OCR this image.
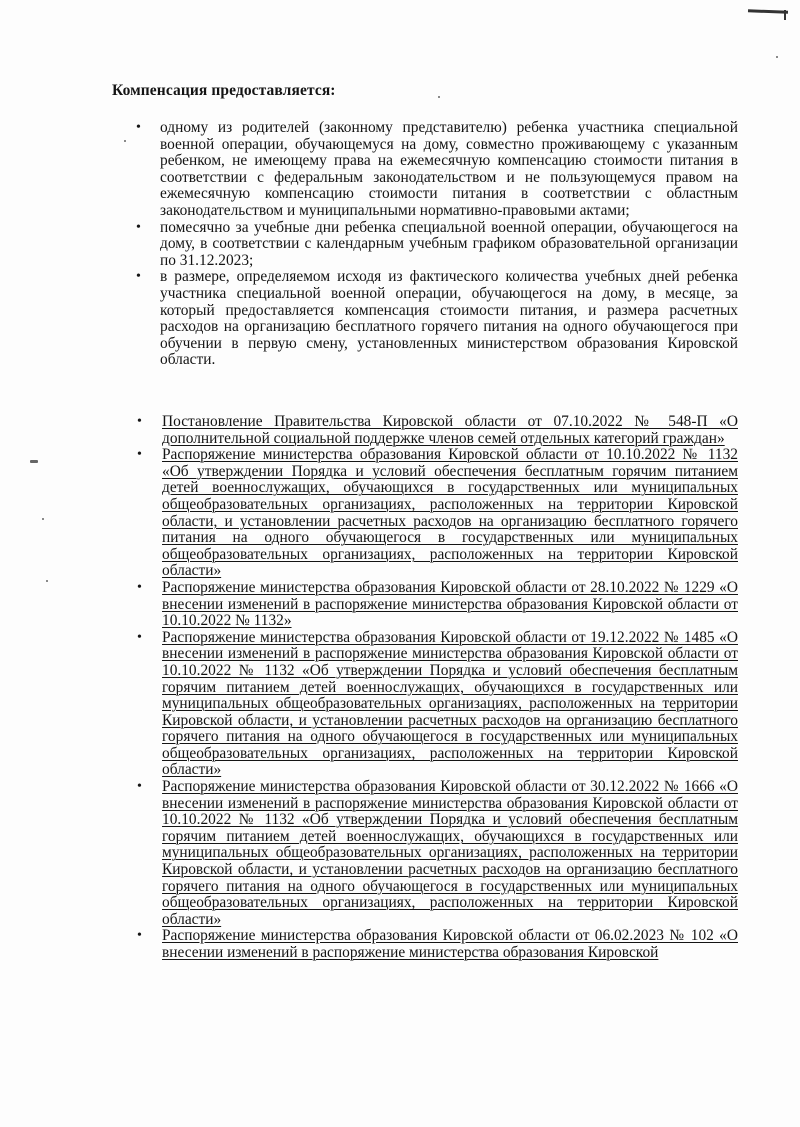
Компенсация предоставляется:
• одному из родителей (законному представителю) ребенка участника специальной военной операции, обучающемуся на дому, совместно проживающему с указанным ребенком, не имеющему права на ежемесячную компенсацию стоимости питания в соответствии с федеральным законодательством и не пользующемуся правом на ежемесячную компенсацию стоимости питания в соответствии с областным законодательством и муниципальными нормативно-правовыми актами;
• помесячно за учебные дни ребенка специальной военной операции, обучающегося на дому, в соответствии с календарным учебным графиком образовательной организации по 31.12.2023;
• в размере, определяемом исходя из фактического количества учебных дней ребенка участника специальной военной операции, обучающегося на дому, в месяце, за который предоставляется компенсация стоимости питания, и размера расчетных расходов на организацию бесплатного горячего питания на одного обучающегося при обучении в первую смену, установленных министерством образования Кировской области.
• Постановление Правительства Кировской области от 07.10.2022 № 548-П «О дополнительной социальной поддержке членов семей отдельных категорий граждан»
• Распоряжение министерства образования Кировской области от 10.10.2022 № 1132 «Об утверждении Порядка и условий обеспечения бесплатным горячим питанием детей военнослужащих, обучающихся в государственных или муниципальных общеобразовательных организациях, расположенных на территории Кировской области, и установлении расчетных расходов на организацию бесплатного горячего питания на одного обучающегося в государственных или муниципальных общеобразовательных организациях, расположенных на территории Кировской области»
• Распоряжение министерства образования Кировской области от 28.10.2022 № 1229 «О внесении изменений в распоряжение министерства образования Кировской области от 10.10.2022 № 1132»
• Распоряжение министерства образования Кировской области от 19.12.2022 № 1485 «О внесении изменений в распоряжение министерства образования Кировской области от 10.10.2022 № 1132 «Об утверждении Порядка и условий обеспечения бесплатным горячим питанием детей военнослужащих, обучающихся в государственных или муниципальных общеобразовательных организациях, расположенных на территории Кировской области, и установлении расчетных расходов на организацию бесплатного горячего питания на одного обучающегося в государственных или муниципальных общеобразовательных организациях, расположенных на территории Кировской области»
• Распоряжение министерства образования Кировской области от 30.12.2022 № 1666 «О внесении изменений в распоряжение министерства образования Кировской области от 10.10.2022 № 1132 «Об утверждении Порядка и условий обеспечения бесплатным горячим питанием детей военнослужащих, обучающихся в государственных или муниципальных общеобразовательных организациях, расположенных на территории Кировской области, и установлении расчетных расходов на организацию бесплатного горячего питания на одного обучающегося в государственных или муниципальных общеобразовательных организациях, расположенных на территории Кировской области»
• Распоряжение министерства образования Кировской области от 06.02.2023 № 102 «О внесении изменений в распоряжение министерства образования Кировской
